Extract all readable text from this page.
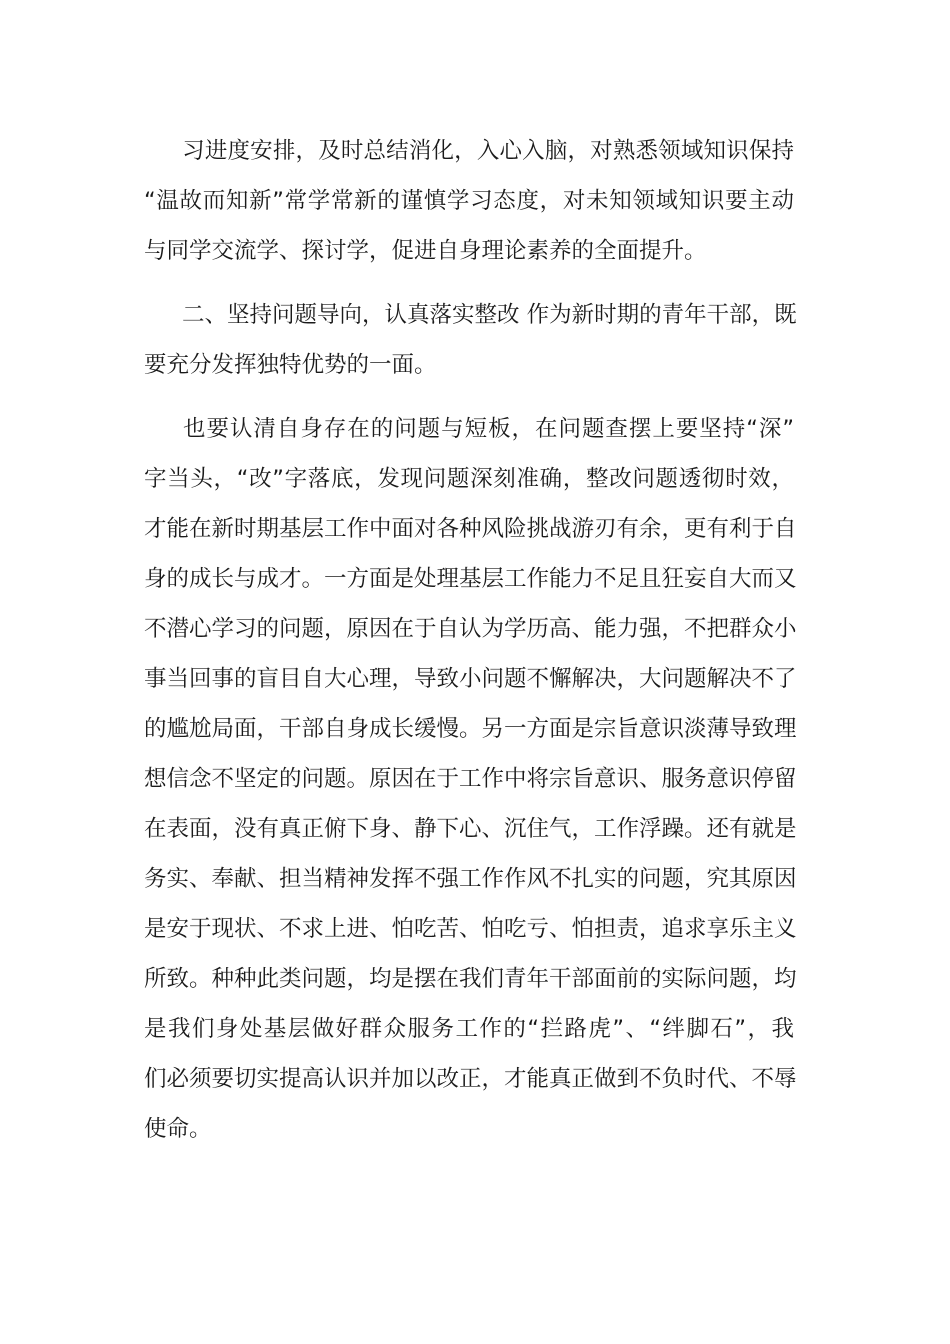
习进度安排，及时总结消化，入心入脑，对熟悉领域知识保持
“温故而知新”常学常新的谨慎学习态度，对未知领域知识要主动
与同学交流学、探讨学，促进自身理论素养的全面提升。
二、坚持问题导向，认真落实整改 作为新时期的青年干部，既
要充分发挥独特优势的一面。
也要认清自身存在的问题与短板，在问题查摆上要坚持“深”
字当头，“改”字落底，发现问题深刻准确，整改问题透彻时效，
才能在新时期基层工作中面对各种风险挑战游刃有余，更有利于自
身的成长与成才。一方面是处理基层工作能力不足且狂妄自大而又
不潜心学习的问题，原因在于自认为学历高、能力强，不把群众小
事当回事的盲目自大心理，导致小问题不懈解决，大问题解决不了
的尴尬局面，干部自身成长缓慢。另一方面是宗旨意识淡薄导致理
想信念不坚定的问题。原因在于工作中将宗旨意识、服务意识停留
在表面，没有真正俯下身、静下心、沉住气，工作浮躁。还有就是
务实、奉献、担当精神发挥不强工作作风不扎实的问题，究其原因
是安于现状、不求上进、怕吃苦、怕吃亏、怕担责，追求享乐主义
所致。种种此类问题，均是摆在我们青年干部面前的实际问题，均
是我们身处基层做好群众服务工作的“拦路虎”、“绊脚石”，我
们必须要切实提高认识并加以改正，才能真正做到不负时代、不辱
使命。
